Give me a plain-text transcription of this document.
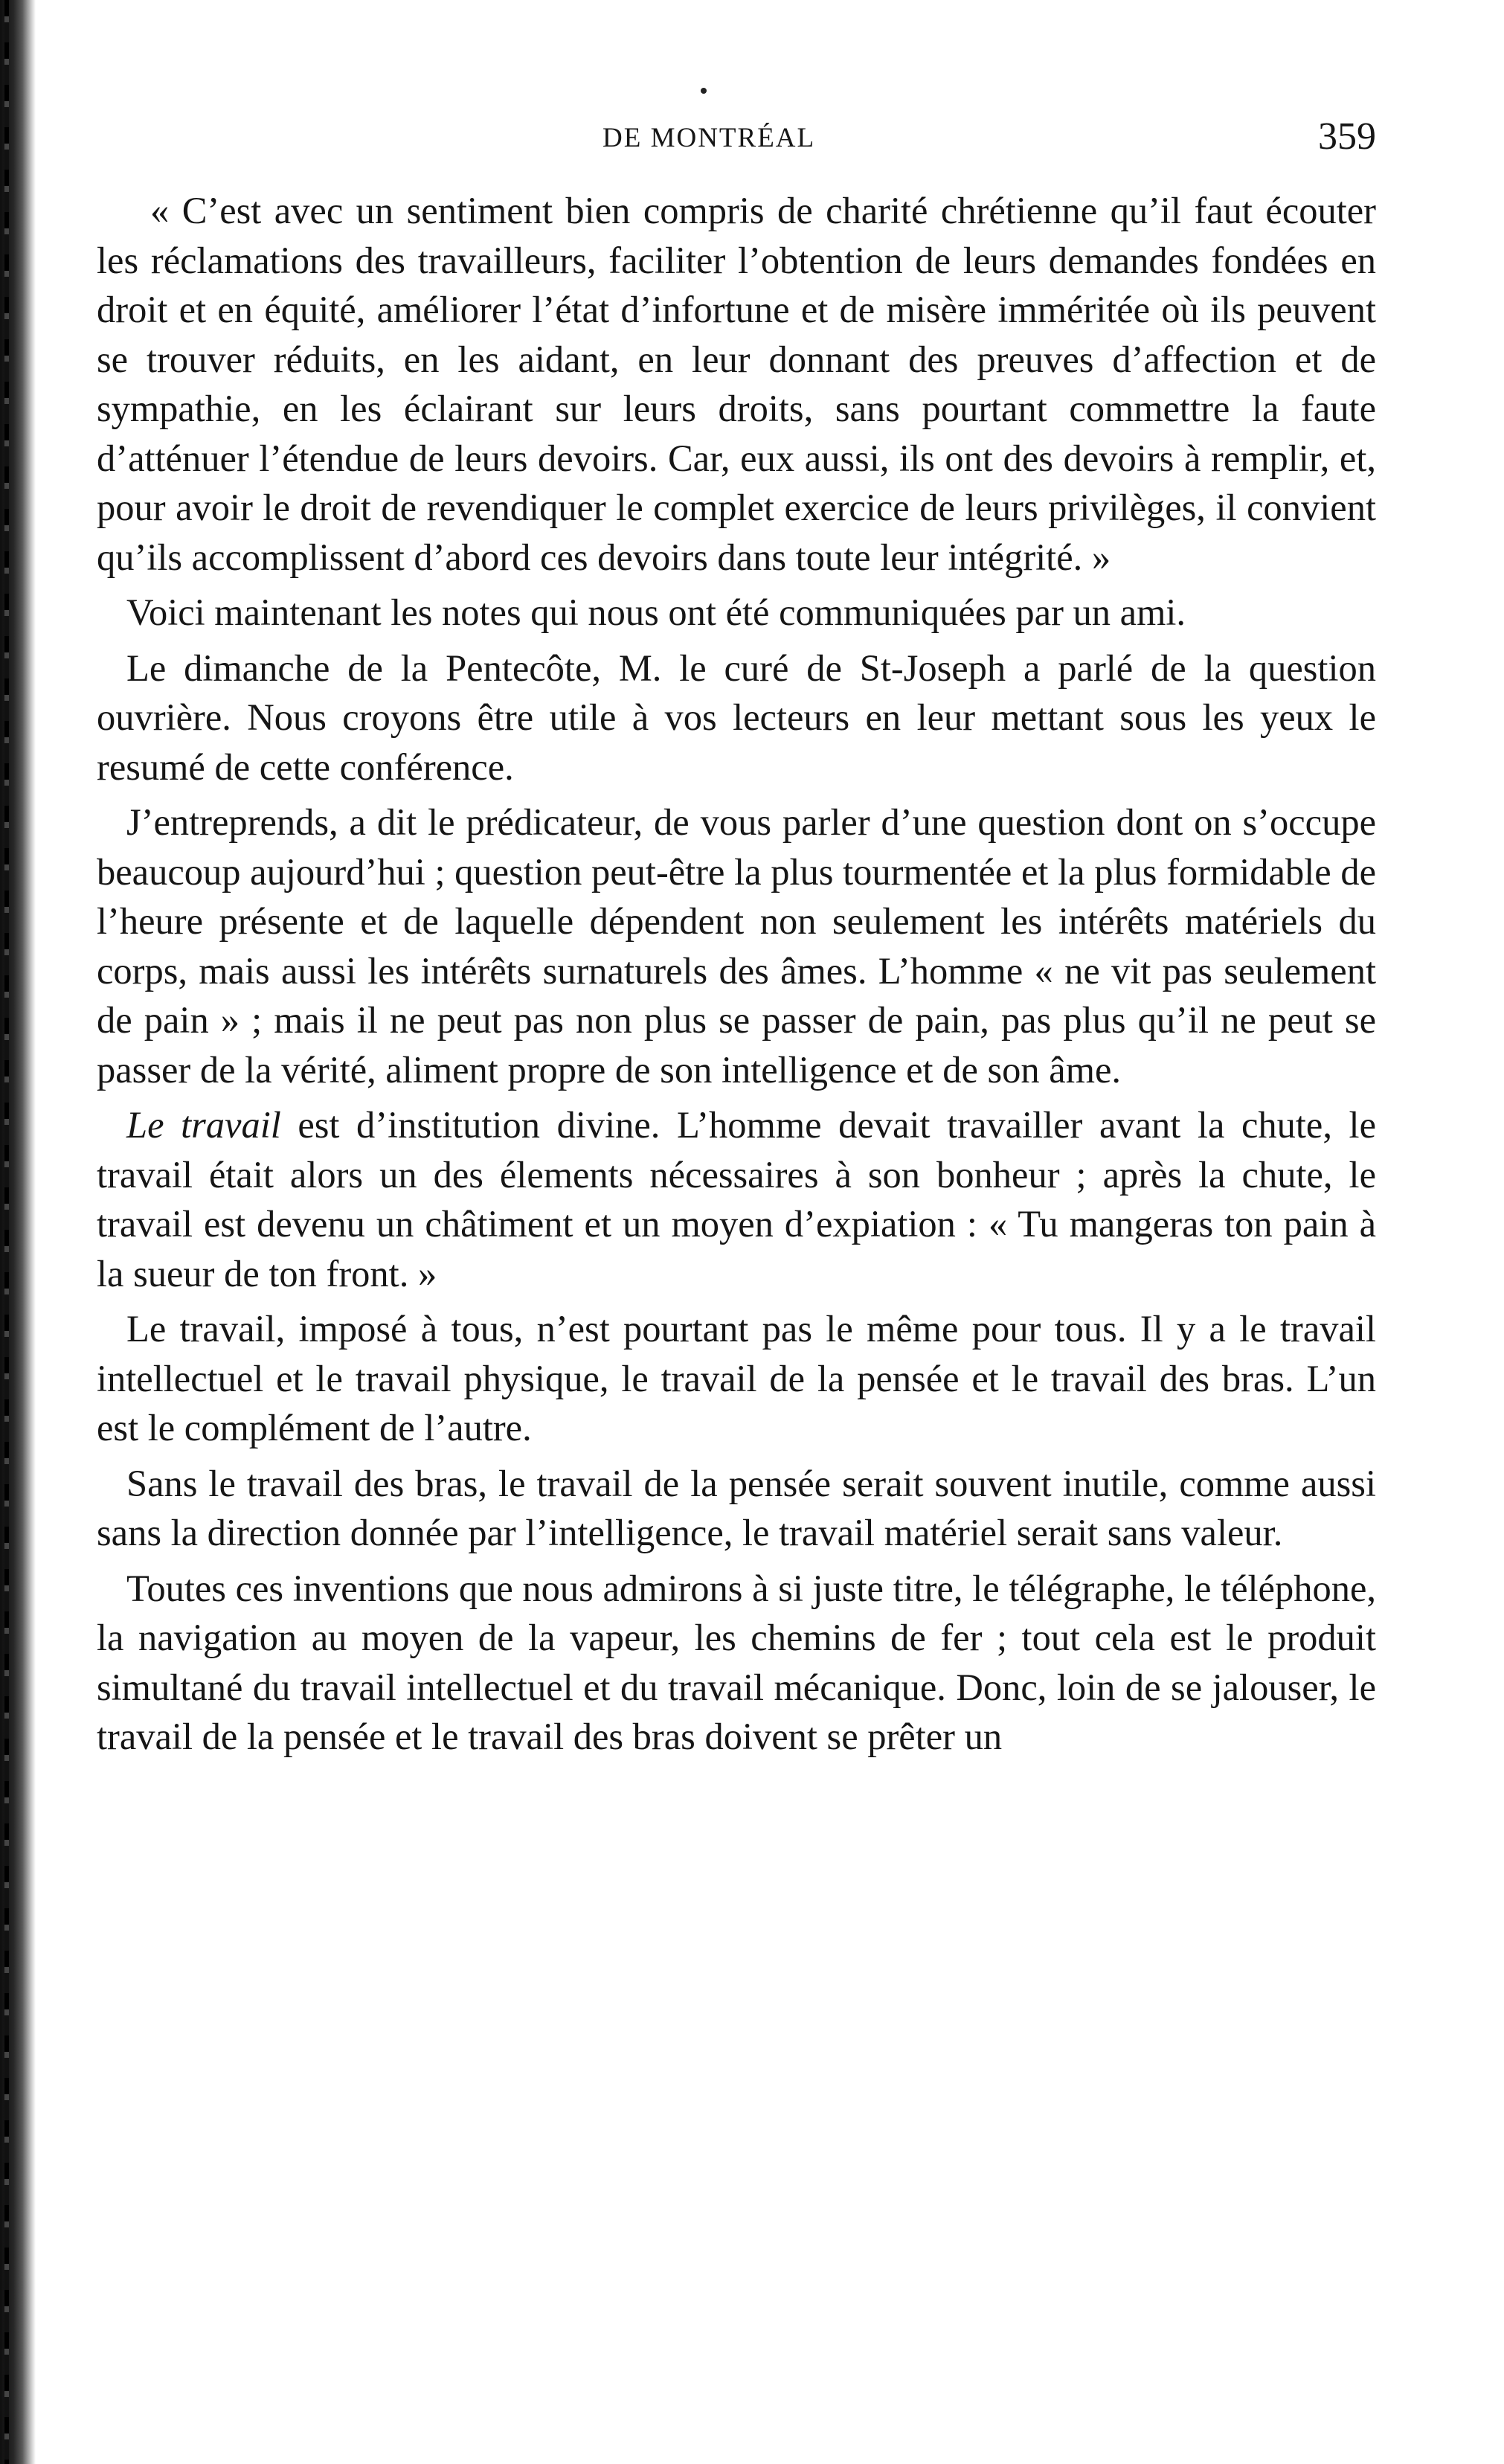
DE MONTRÉAL	359

« C’est avec un sentiment bien compris de charité chrétienne qu’il faut écouter les réclamations des travailleurs, faciliter l’obtention de leurs demandes fondées en droit et en équité, améliorer l’état d’infortune et de misère imméritée où ils peuvent se trouver réduits, en les aidant, en leur donnant des preuves d’affection et de sympathie, en les éclairant sur leurs droits, sans pourtant commettre la faute d’atténuer l’étendue de leurs devoirs. Car, eux aussi, ils ont des devoirs à remplir, et, pour avoir le droit de revendiquer le complet exercice de leurs privilèges, il convient qu’ils accomplissent d’abord ces devoirs dans toute leur intégrité. »

Voici maintenant les notes qui nous ont été communiquées par un ami.

Le dimanche de la Pentecôte, M. le curé de St-Joseph a parlé de la question ouvrière. Nous croyons être utile à vos lecteurs en leur mettant sous les yeux le resumé de cette conférence.

J’entreprends, a dit le prédicateur, de vous parler d’une question dont on s’occupe beaucoup aujourd’hui ; question peut-être la plus tourmentée et la plus formidable de l’heure présente et de laquelle dépendent non seulement les intérêts matériels du corps, mais aussi les intérêts surnaturels des âmes. L’homme « ne vit pas seulement de pain » ; mais il ne peut pas non plus se passer de pain, pas plus qu’il ne peut se passer de la vérité, aliment propre de son intelligence et de son âme.

Le travail est d’institution divine. L’homme devait travailler avant la chute, le travail était alors un des élements nécessaires à son bonheur ; après la chute, le travail est devenu un châtiment et un moyen d’expiation : « Tu mangeras ton pain à la sueur de ton front. »

Le travail, imposé à tous, n’est pourtant pas le même pour tous. Il y a le travail intellectuel et le travail physique, le travail de la pensée et le travail des bras. L’un est le complément de l’autre.

Sans le travail des bras, le travail de la pensée serait souvent inutile, comme aussi sans la direction donnée par l’intelligence, le travail matériel serait sans valeur.

Toutes ces inventions que nous admirons à si juste titre, le télégraphe, le téléphone, la navigation au moyen de la vapeur, les chemins de fer ; tout cela est le produit simultané du travail intellectuel et du travail mécanique. Donc, loin de se jalouser, le travail de la pensée et le travail des bras doivent se prêter un
